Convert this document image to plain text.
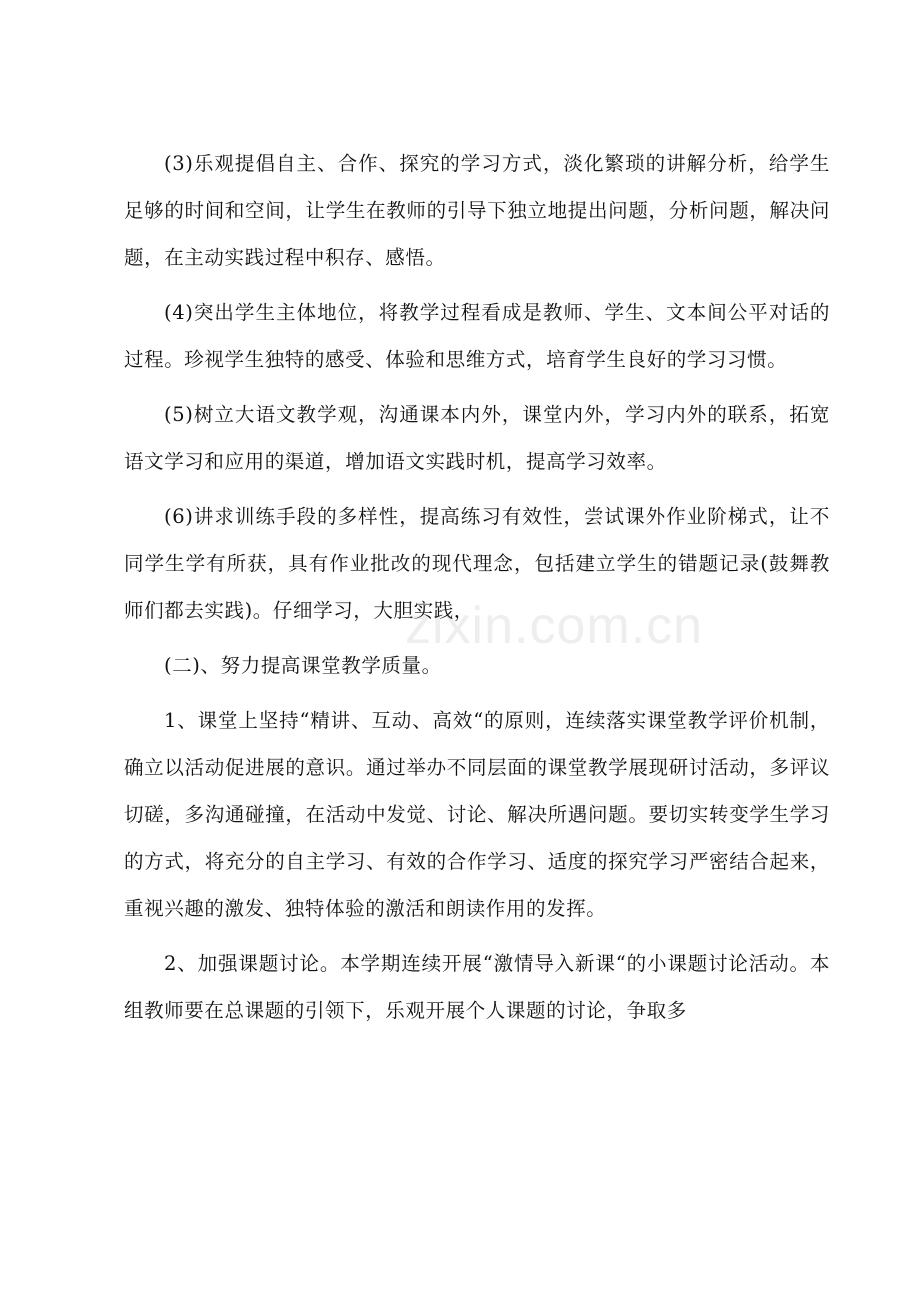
(3)乐观提倡自主、合作、探究的学习方式，淡化繁琐的讲解分析，给学生足够的时间和空间，让学生在教师的引导下独立地提出问题，分析问题，解决问题，在主动实践过程中积存、感悟。

(4)突出学生主体地位，将教学过程看成是教师、学生、文本间公平对话的过程。珍视学生独特的感受、体验和思维方式，培育学生良好的学习习惯。

(5)树立大语文教学观，沟通课本内外，课堂内外，学习内外的联系，拓宽语文学习和应用的渠道，增加语文实践时机，提高学习效率。

(6)讲求训练手段的多样性，提高练习有效性，尝试课外作业阶梯式，让不同学生学有所获，具有作业批改的现代理念，包括建立学生的错题记录(鼓舞教师们都去实践)。仔细学习，大胆实践，

(二)、努力提高课堂教学质量。

1、课堂上坚持“精讲、互动、高效“的原则，连续落实课堂教学评价机制，确立以活动促进展的意识。通过举办不同层面的课堂教学展现研讨活动，多评议切磋，多沟通碰撞，在活动中发觉、讨论、解决所遇问题。要切实转变学生学习的方式，将充分的自主学习、有效的合作学习、适度的探究学习严密结合起来，重视兴趣的激发、独特体验的激活和朗读作用的发挥。

2、加强课题讨论。本学期连续开展“激情导入新课“的小课题讨论活动。本组教师要在总课题的引领下，乐观开展个人课题的讨论，争取多

zixin.com.cn
